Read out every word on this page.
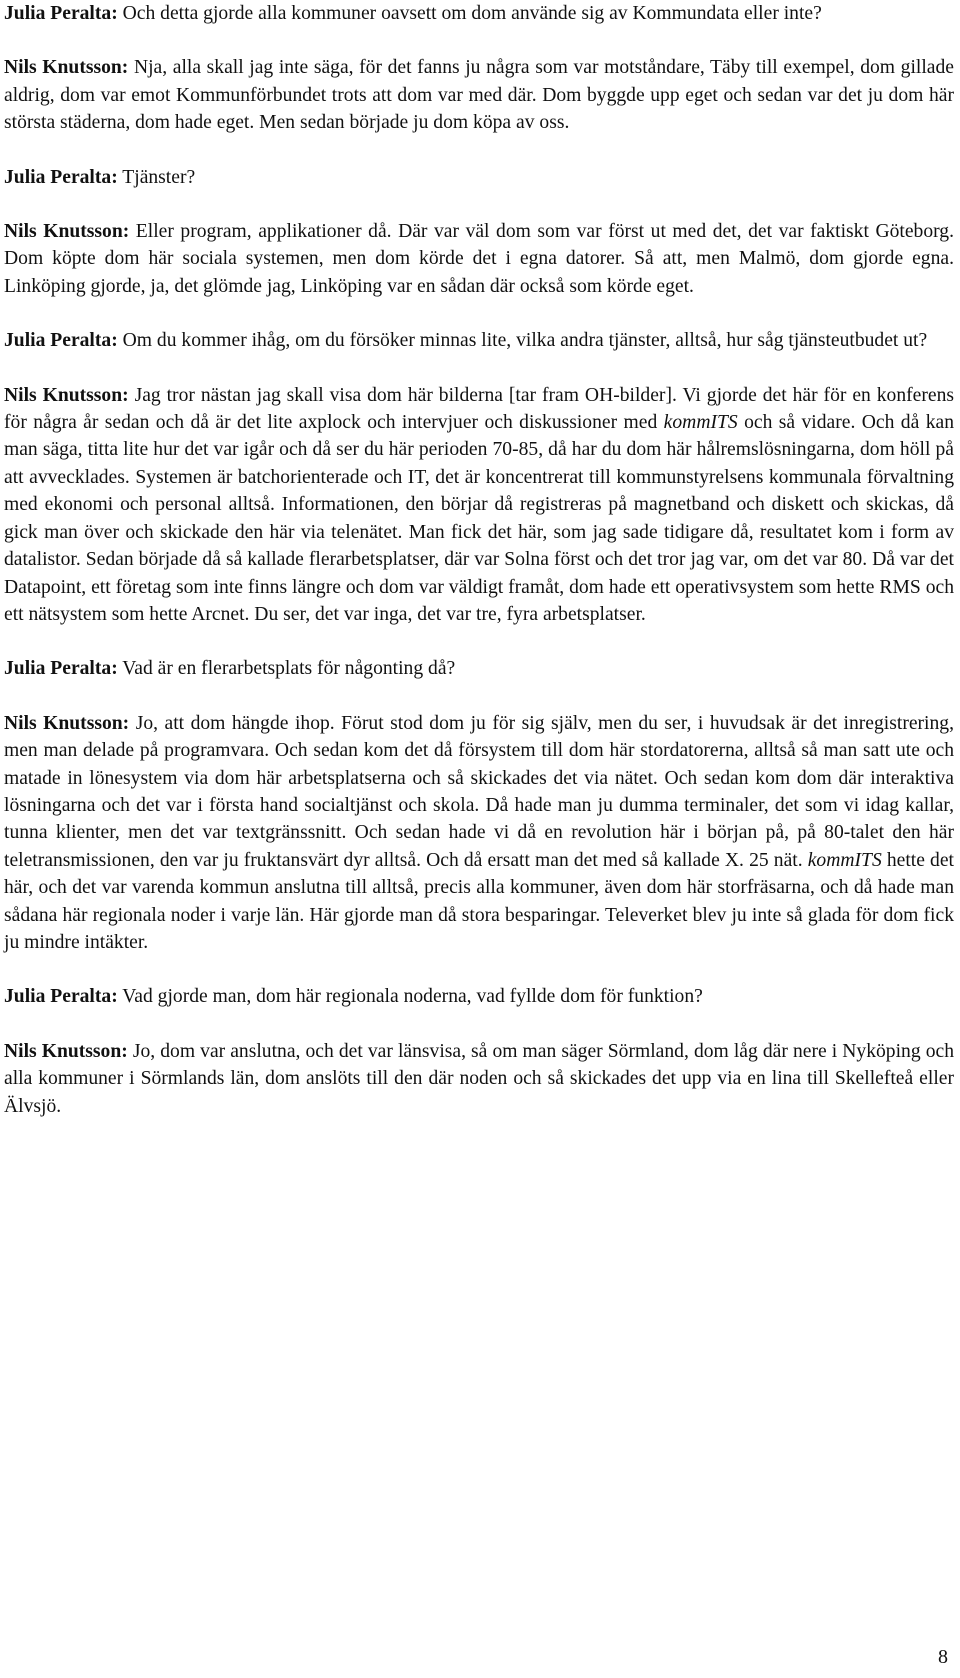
Julia Peralta: Och detta gjorde alla kommuner oavsett om dom använde sig av Kommundata eller inte?

Nils Knutsson: Nja, alla skall jag inte säga, för det fanns ju några som var motståndare, Täby till exempel, dom gillade aldrig, dom var emot Kommunförbundet trots att dom var med där. Dom byggde upp eget och sedan var det ju dom här största städerna, dom hade eget. Men sedan började ju dom köpa av oss.

Julia Peralta: Tjänster?

Nils Knutsson: Eller program, applikationer då. Där var väl dom som var först ut med det, det var faktiskt Göteborg. Dom köpte dom här sociala systemen, men dom körde det i egna datorer. Så att, men Malmö, dom gjorde egna. Linköping gjorde, ja, det glömde jag, Linköping var en sådan där också som körde eget.

Julia Peralta: Om du kommer ihåg, om du försöker minnas lite, vilka andra tjänster, alltså, hur såg tjänsteutbudet ut?

Nils Knutsson: Jag tror nästan jag skall visa dom här bilderna [tar fram OH-bilder]. Vi gjorde det här för en konferens för några år sedan och då är det lite axplock och intervjuer och diskussioner med kommITS och så vidare. Och då kan man säga, titta lite hur det var igår och då ser du här perioden 70-85, då har du dom här hålremslösningarna, dom höll på att avvecklades. Systemen är batchorienterade och IT, det är koncentrerat till kommunstyrelsens kommunala förvaltning med ekonomi och personal alltså. Informationen, den börjar då registreras på magnetband och diskett och skickas, då gick man över och skickade den här via telenätet. Man fick det här, som jag sade tidigare då, resultatet kom i form av datalistor. Sedan började då så kallade flerarbetsplatser, där var Solna först och det tror jag var, om det var 80. Då var det Datapoint, ett företag som inte finns längre och dom var väldigt framåt, dom hade ett operativsystem som hette RMS och ett nätsystem som hette Arcnet. Du ser, det var inga, det var tre, fyra arbetsplatser.

Julia Peralta: Vad är en flerarbetsplats för någonting då?

Nils Knutsson: Jo, att dom hängde ihop. Förut stod dom ju för sig själv, men du ser, i huvudsak är det inregistrering, men man delade på programvara. Och sedan kom det då försystem till dom här stordatorerna, alltså så man satt ute och matade in lönesystem via dom här arbetsplatserna och så skickades det via nätet. Och sedan kom dom där interaktiva lösningarna och det var i första hand socialtjänst och skola. Då hade man ju dumma terminaler, det som vi idag kallar, tunna klienter, men det var textgränssnitt. Och sedan hade vi då en revolution här i början på, på 80-talet den här teletransmissionen, den var ju fruktansvärt dyr alltså. Och då ersatt man det med så kallade X. 25 nät. kommITS hette det här, och det var varenda kommun anslutna till alltså, precis alla kommuner, även dom här storfräsarna, och då hade man sådana här regionala noder i varje län. Här gjorde man då stora besparingar. Televerket blev ju inte så glada för dom fick ju mindre intäkter.

Julia Peralta: Vad gjorde man, dom här regionala noderna, vad fyllde dom för funktion?

Nils Knutsson: Jo, dom var anslutna, och det var länsvisa, så om man säger Sörmland, dom låg där nere i Nyköping och alla kommuner i Sörmlands län, dom anslöts till den där noden och så skickades det upp via en lina till Skellefteå eller Älvsjö.

8
